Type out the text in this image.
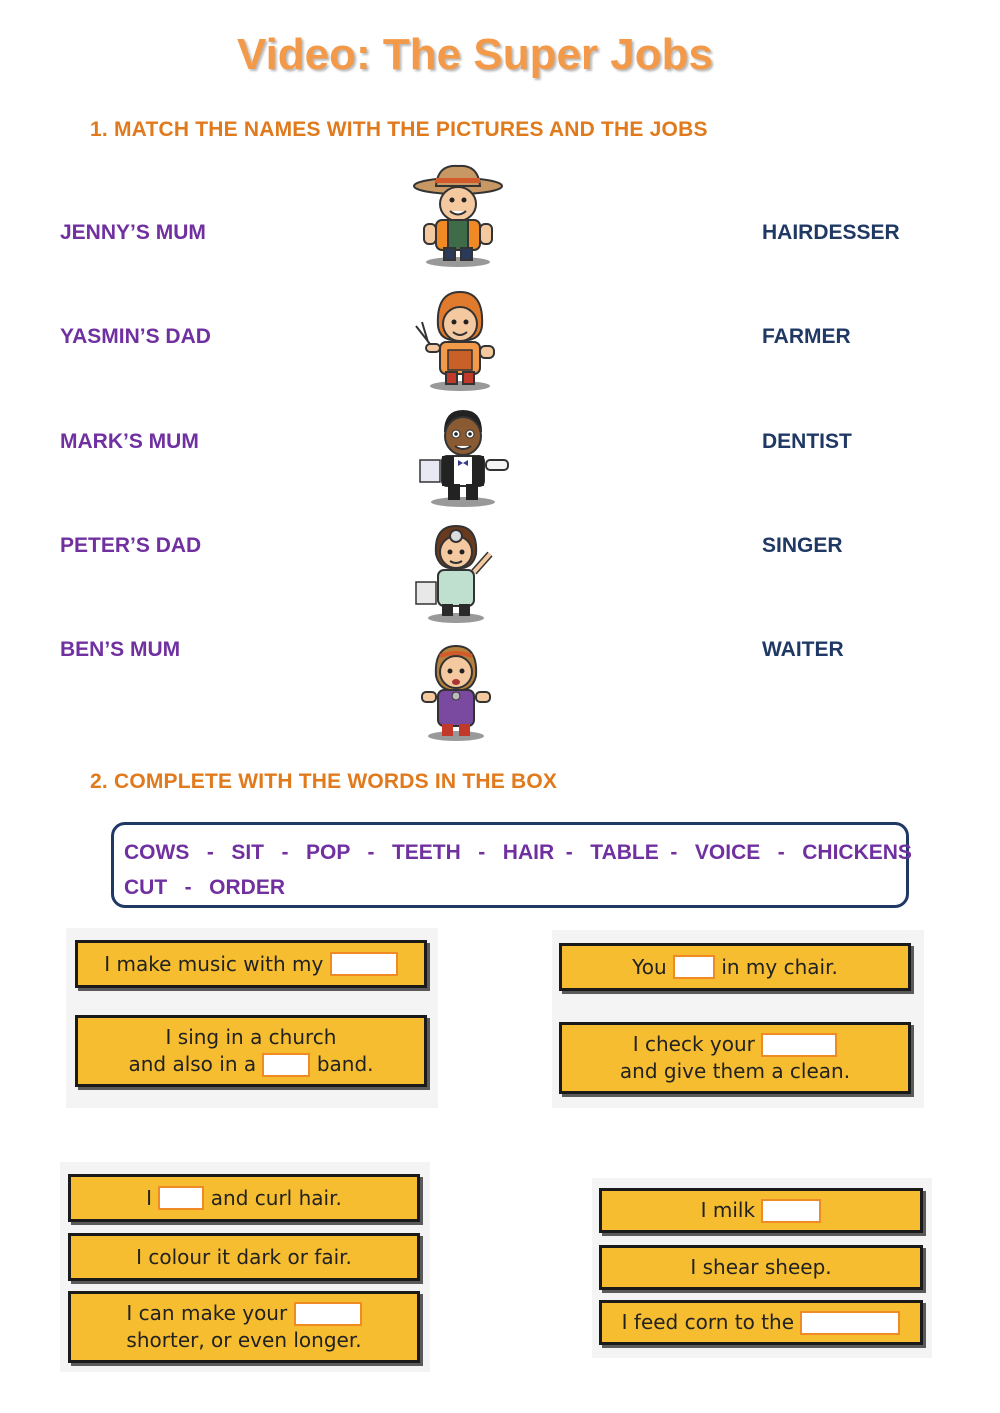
Video: The Super Jobs
1. MATCH THE NAMES WITH THE PICTURES AND THE JOBS
JENNY’S MUM
YASMIN’S DAD
MARK’S MUM
PETER’S DAD
BEN’S MUM
HAIRDESSER
FARMER
DENTIST
SINGER
WAITER
2. COMPLETE WITH THE WORDS IN THE BOX
COWS   -   SIT   -   POP   -   TEETH   -   HAIR  -   TABLE  -   VOICE   -   CHICKENS
CUT   -   ORDER
I make music with my
I sing in a church
and also in a band.
You in my chair.
I check your
and give them a clean.
I and curl hair.
I colour it dark or fair.
I can make your
shorter, or even longer.
I milk
I shear sheep.
I feed corn to the
